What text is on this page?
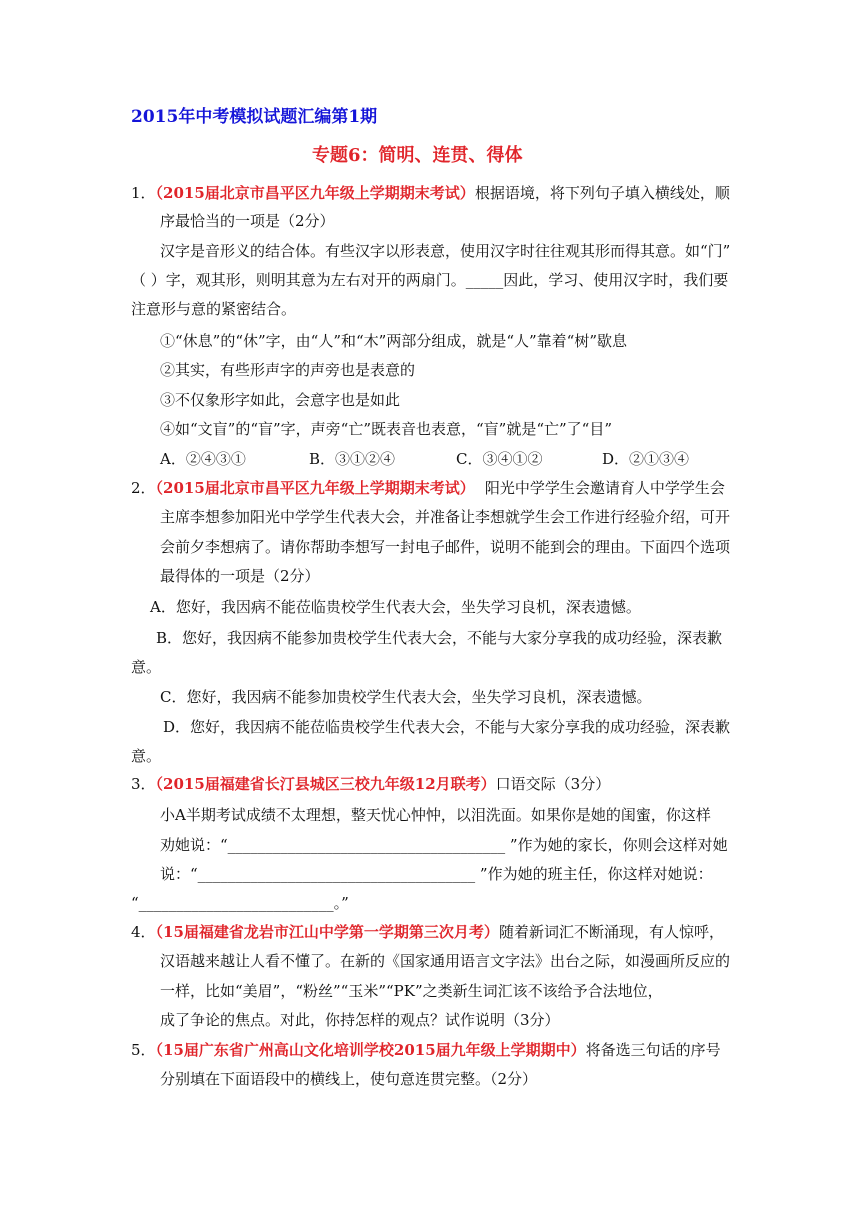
2015年中考模拟试题汇编第1期
专题6：简明、连贯、得体
1．（2015届北京市昌平区九年级上学期期末考试）根据语境，将下列句子填入横线处，顺
序最恰当的一项是（2分）
汉字是音形义的结合体。有些汉字以形表意，使用汉字时往往观其形而得其意。如“门”
（ ）字，观其形，则明其意为左右对开的两扇门。_____因此，学习、使用汉字时，我们要
注意形与意的紧密结合。
①“休息”的“休”字，由“人”和“木”两部分组成，就是“人”靠着“树”歇息
②其实，有些形声字的声旁也是表意的
③不仅象形字如此，会意字也是如此
④如“文盲”的“盲”字，声旁“亡”既表音也表意，“盲”就是“亡”了“目”
A．②④③①	B．③①②④	C．③④①②	D．②①③④
2．（2015届北京市昌平区九年级上学期期末考试） 阳光中学学生会邀请育人中学学生会
主席李想参加阳光中学学生代表大会，并准备让李想就学生会工作进行经验介绍，可开
会前夕李想病了。请你帮助李想写一封电子邮件，说明不能到会的理由。下面四个选项
最得体的一项是（2分）
A．您好，我因病不能莅临贵校学生代表大会，坐失学习良机，深表遗憾。
B．您好，我因病不能参加贵校学生代表大会，不能与大家分享我的成功经验，深表歉
意。
C．您好，我因病不能参加贵校学生代表大会，坐失学习良机，深表遗憾。
D．您好，我因病不能莅临贵校学生代表大会，不能与大家分享我的成功经验，深表歉
意。
3．（2015届福建省长汀县城区三校九年级12月联考）口语交际（3分）
小A半期考试成绩不太理想，整天忧心忡忡，以泪洗面。如果你是她的闺蜜，你这样
劝她说：“_____________________________________ ”作为她的家长，你则会这样对她
说：“_____________________________________ ”作为她的班主任，你这样对她说：
“__________________________。”
4．（15届福建省龙岩市江山中学第一学期第三次月考）随着新词汇不断涌现，有人惊呼，
汉语越来越让人看不懂了。在新的《国家通用语言文字法》出台之际，如漫画所反应的
一样，比如“美眉”，“粉丝”“玉米”“PK”之类新生词汇该不该给予合法地位，
成了争论的焦点。对此，你持怎样的观点？试作说明（3分）
5．（15届广东省广州高山文化培训学校2015届九年级上学期期中）将备选三句话的序号
分别填在下面语段中的横线上，使句意连贯完整。（2分）
